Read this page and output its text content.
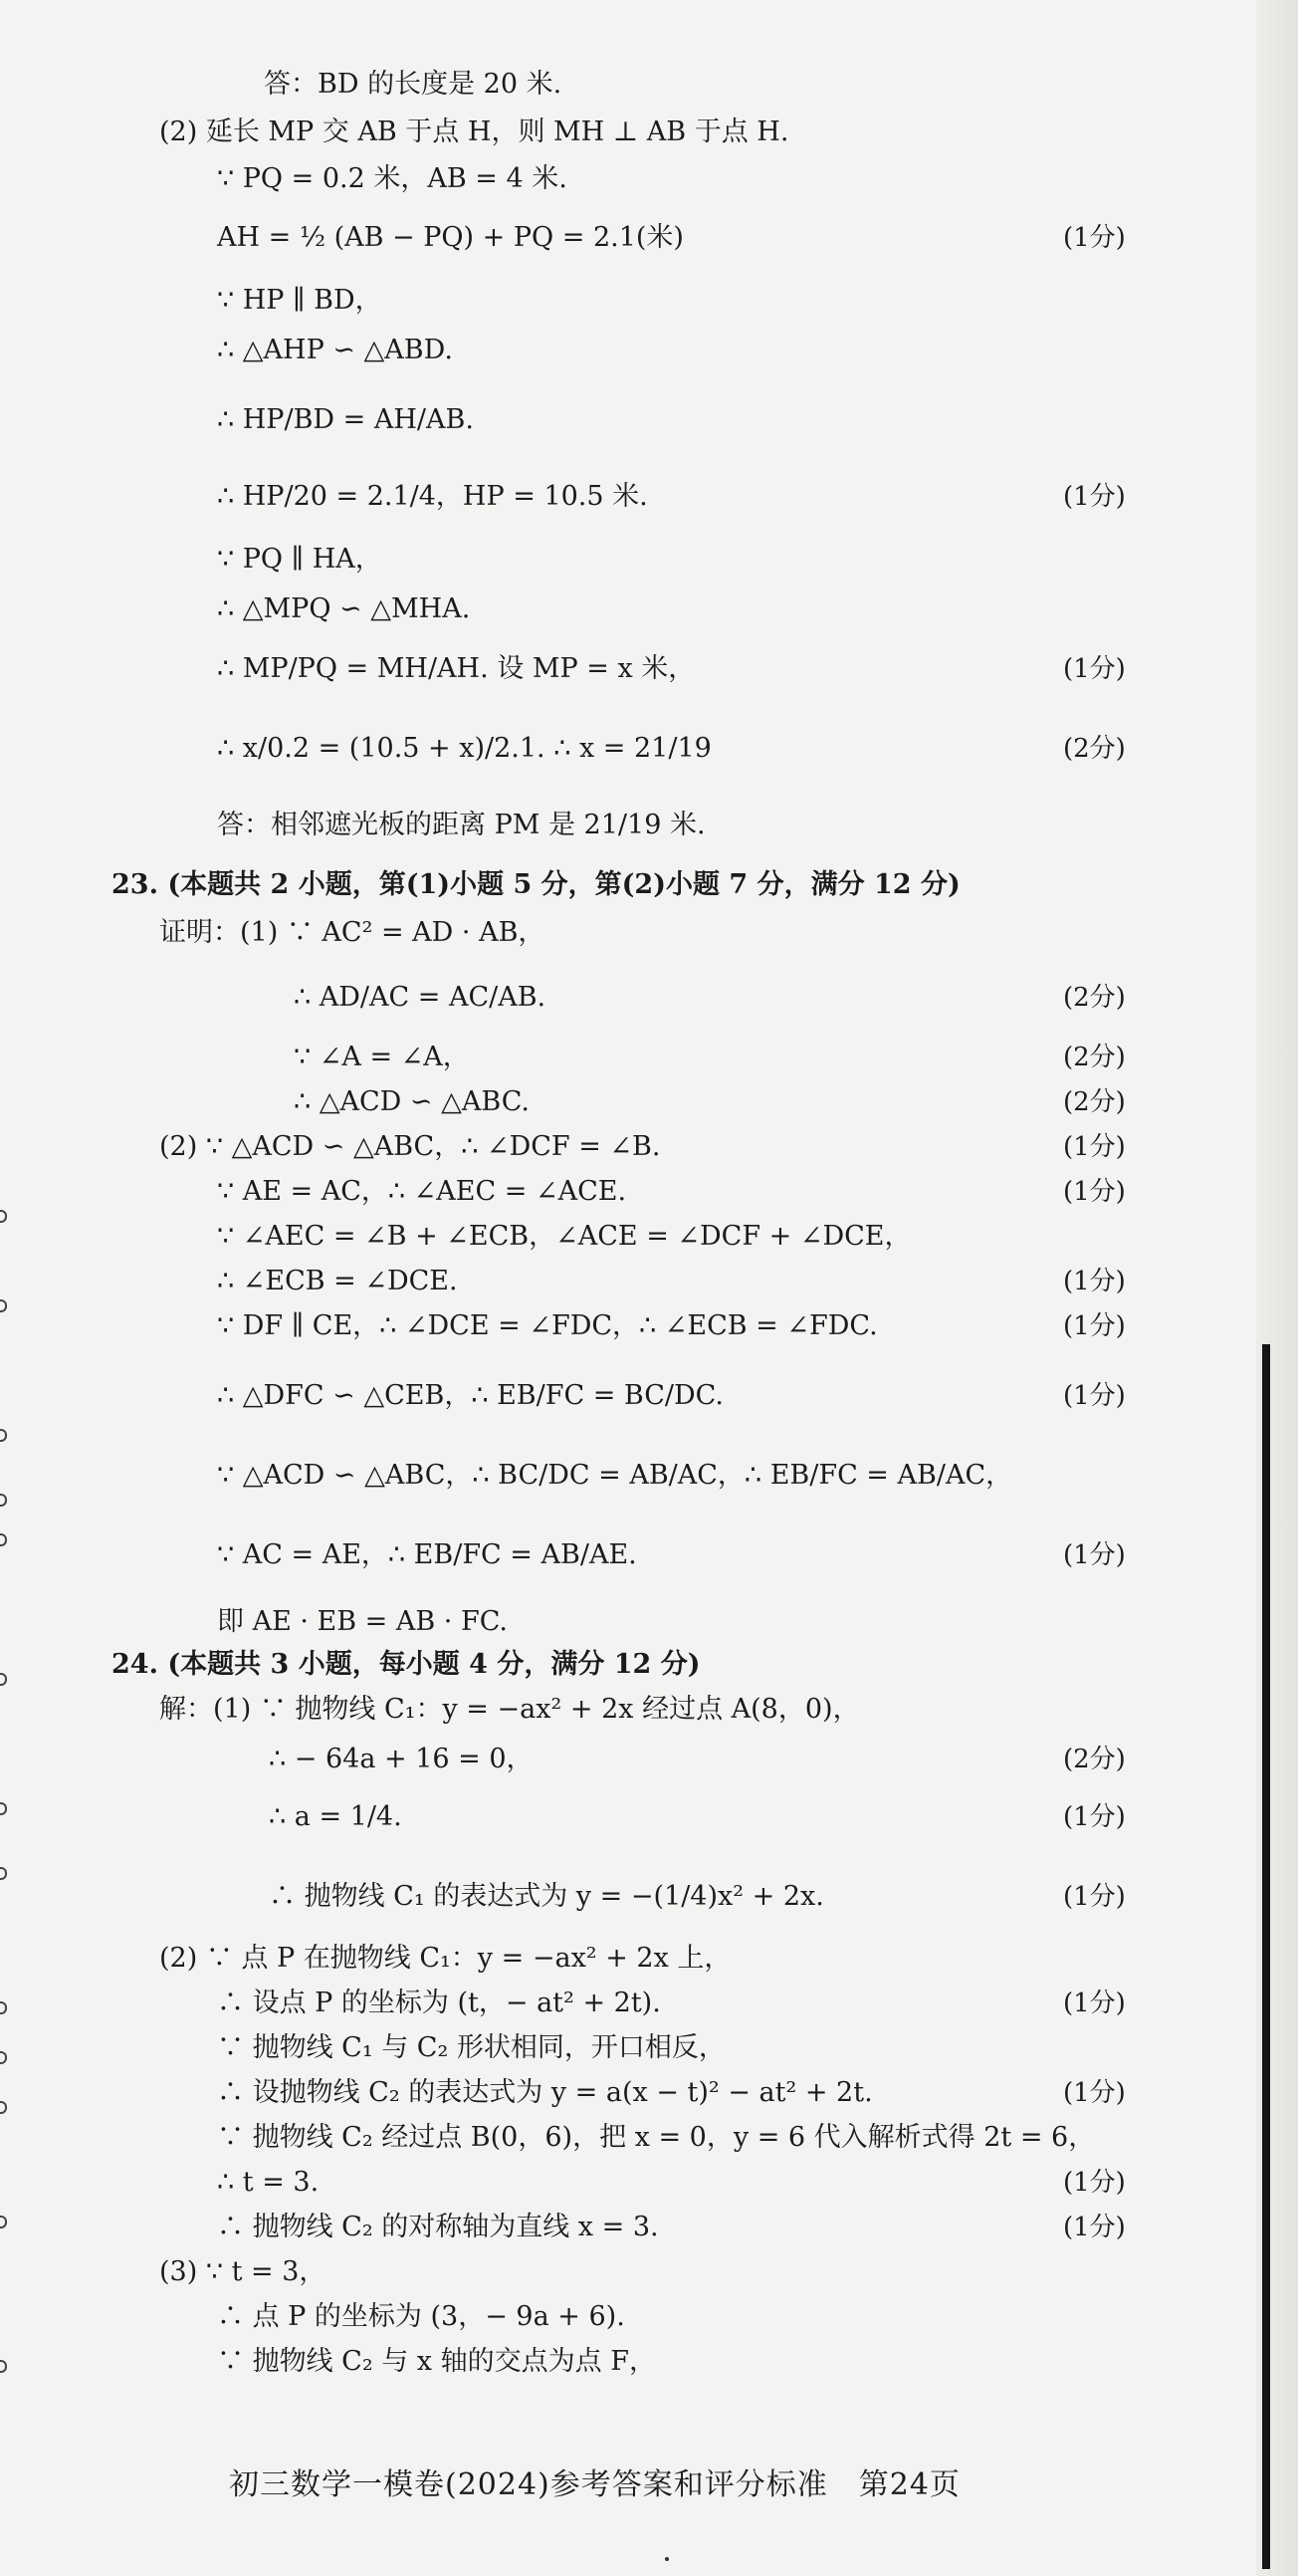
答：BD 的长度是 20 米.
(2) 延长 MP 交 AB 于点 H，则 MH ⊥ AB 于点 H.
∵ PQ = 0.2 米，AB = 4 米.
AH = ½ (AB − PQ) + PQ = 2.1(米)	(1分)
∵ HP ∥ BD，
∴ △AHP ∽ △ABD.
∴ HP/BD = AH/AB.
∴ HP/20 = 2.1/4，HP = 10.5 米.	(1分)
∵ PQ ∥ HA，
∴ △MPQ ∽ △MHA.
∴ MP/PQ = MH/AH. 设 MP = x 米，	(1分)
∴ x/0.2 = (10.5 + x)/2.1. ∴ x = 21/19	(2分)
答：相邻遮光板的距离 PM 是 21/19 米.
23. (本题共 2 小题，第(1)小题 5 分，第(2)小题 7 分，满分 12 分)
证明：(1) ∵ AC² = AD · AB，
∴ AD/AC = AC/AB.	(2分)
∵ ∠A = ∠A，	(2分)
∴ △ACD ∽ △ABC.	(2分)
(2) ∵ △ACD ∽ △ABC，∴ ∠DCF = ∠B.	(1分)
∵ AE = AC，∴ ∠AEC = ∠ACE.	(1分)
∵ ∠AEC = ∠B + ∠ECB，∠ACE = ∠DCF + ∠DCE，
∴ ∠ECB = ∠DCE.	(1分)
∵ DF ∥ CE，∴ ∠DCE = ∠FDC，∴ ∠ECB = ∠FDC.	(1分)
∴ △DFC ∽ △CEB，∴ EB/FC = BC/DC.	(1分)
∵ △ACD ∽ △ABC，∴ BC/DC = AB/AC，∴ EB/FC = AB/AC，
∵ AC = AE，∴ EB/FC = AB/AE.	(1分)
即 AE · EB = AB · FC.
24. (本题共 3 小题，每小题 4 分，满分 12 分)
解：(1) ∵ 抛物线 C₁：y = −ax² + 2x 经过点 A(8，0)，
∴ − 64a + 16 = 0，	(2分)
∴ a = 1/4.	(1分)
∴ 抛物线 C₁ 的表达式为 y = −(1/4)x² + 2x.	(1分)
(2) ∵ 点 P 在抛物线 C₁：y = −ax² + 2x 上，
∴ 设点 P 的坐标为 (t，− at² + 2t).	(1分)
∵ 抛物线 C₁ 与 C₂ 形状相同，开口相反，
∴ 设抛物线 C₂ 的表达式为 y = a(x − t)² − at² + 2t.	(1分)
∵ 抛物线 C₂ 经过点 B(0，6)，把 x = 0，y = 6 代入解析式得 2t = 6，
∴ t = 3.	(1分)
∴ 抛物线 C₂ 的对称轴为直线 x = 3.	(1分)
(3) ∵ t = 3，
∴ 点 P 的坐标为 (3，− 9a + 6).
∵ 抛物线 C₂ 与 x 轴的交点为点 F，
初三数学一模卷(2024)参考答案和评分标准　第24页
